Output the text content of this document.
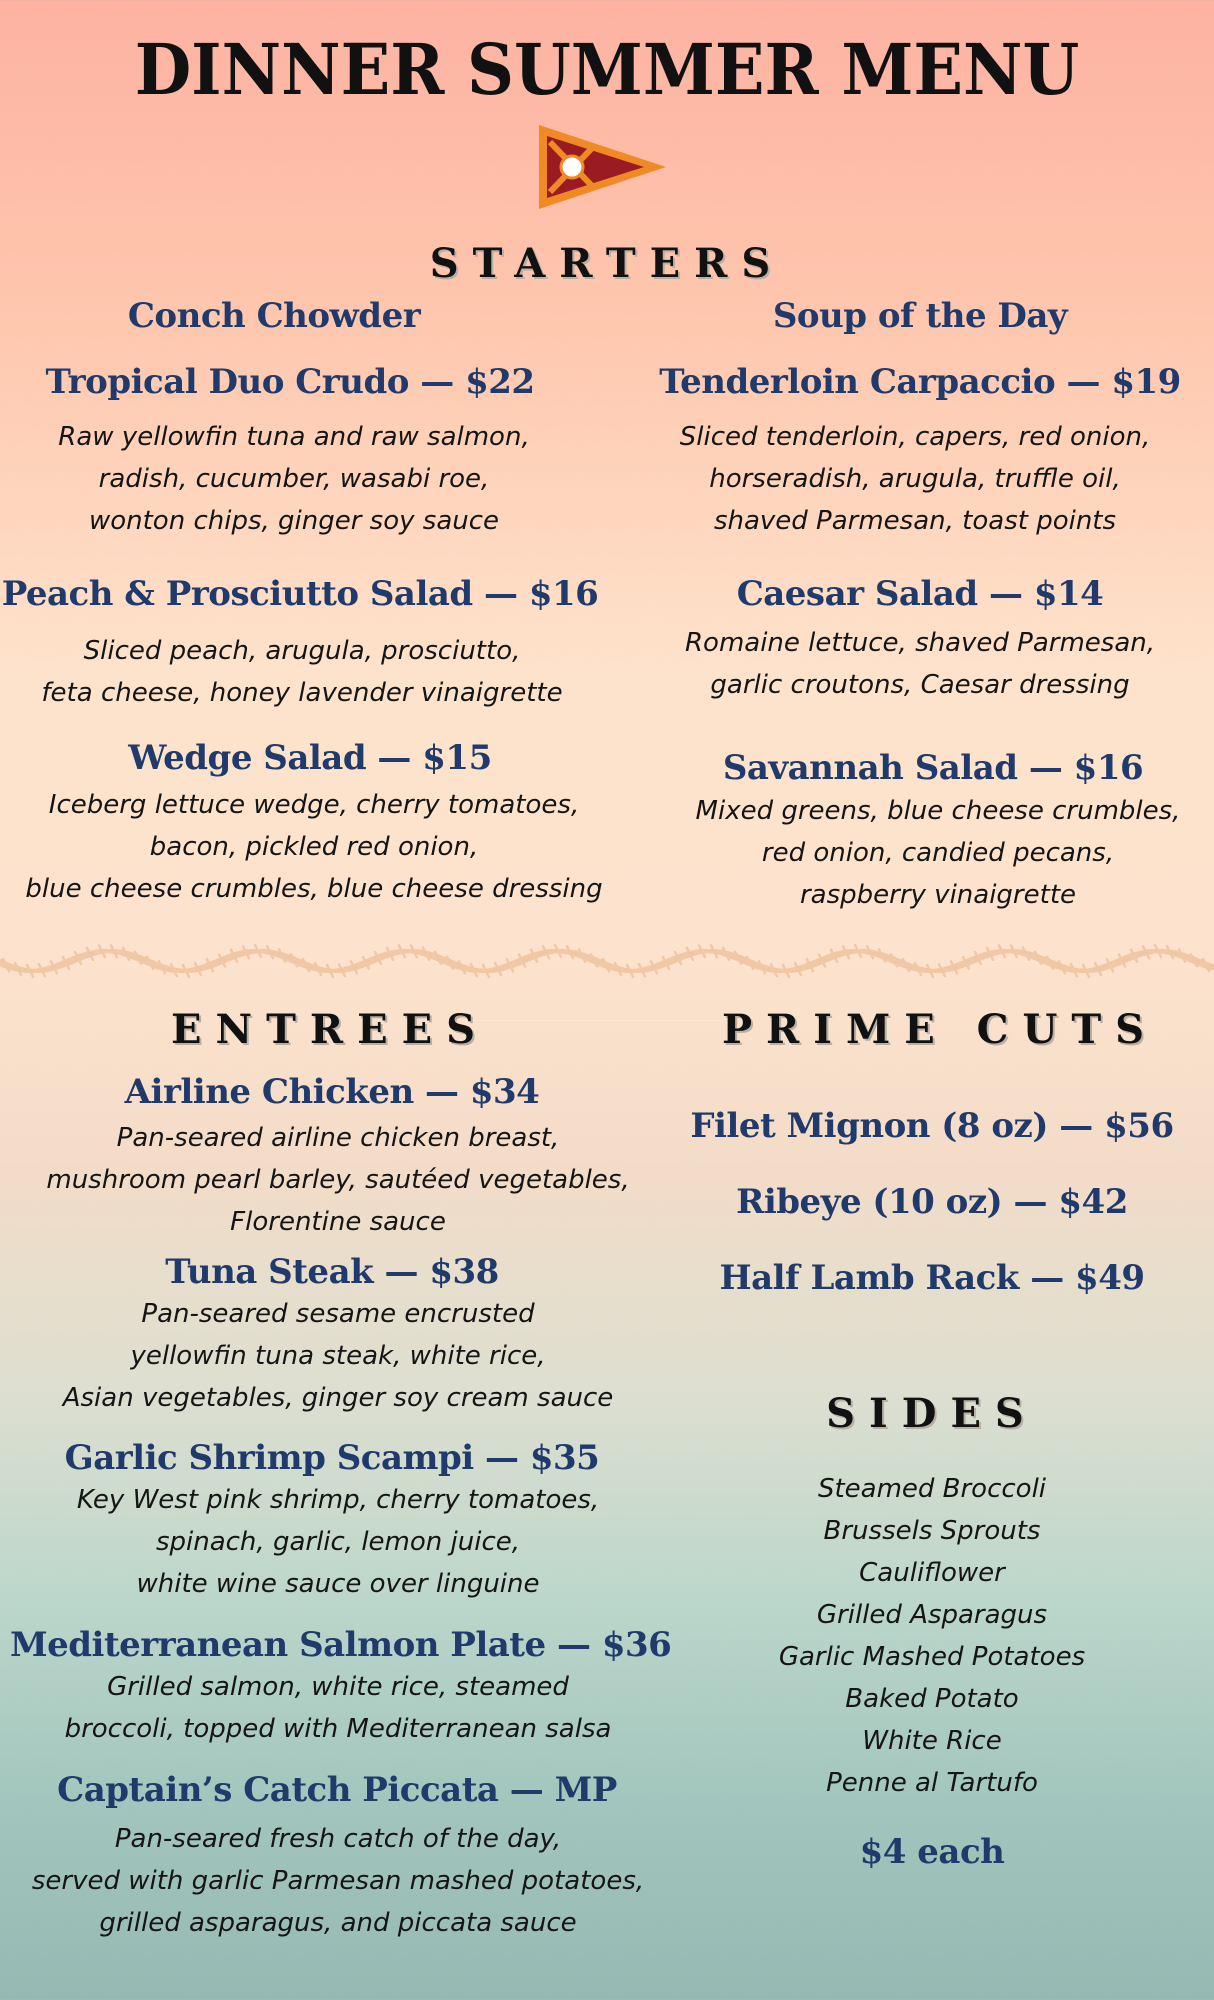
DINNER SUMMER MENU
STARTERS
Conch Chowder	Soup of the Day
Tropical Duo Crudo — $22
Raw yellowfin tuna and raw salmon,
radish, cucumber, wasabi roe,
wonton chips, ginger soy sauce
Tenderloin Carpaccio — $19
Sliced tenderloin, capers, red onion,
horseradish, arugula, truffle oil,
shaved Parmesan, toast points
Peach & Prosciutto Salad — $16
Sliced peach, arugula, prosciutto,
feta cheese, honey lavender vinaigrette
Caesar Salad — $14
Romaine lettuce, shaved Parmesan,
garlic croutons, Caesar dressing
Wedge Salad — $15
Iceberg lettuce wedge, cherry tomatoes,
bacon, pickled red onion,
blue cheese crumbles, blue cheese dressing
Savannah Salad — $16
Mixed greens, blue cheese crumbles,
red onion, candied pecans,
raspberry vinaigrette
ENTREES
Airline Chicken — $34
Pan-seared airline chicken breast,
mushroom pearl barley, sautéed vegetables,
Florentine sauce
Tuna Steak — $38
Pan-seared sesame encrusted
yellowfin tuna steak, white rice,
Asian vegetables, ginger soy cream sauce
Garlic Shrimp Scampi — $35
Key West pink shrimp, cherry tomatoes,
spinach, garlic, lemon juice,
white wine sauce over linguine
Mediterranean Salmon Plate — $36
Grilled salmon, white rice, steamed
broccoli, topped with Mediterranean salsa
Captain’s Catch Piccata — MP
Pan-seared fresh catch of the day,
served with garlic Parmesan mashed potatoes,
grilled asparagus, and piccata sauce
PRIME CUTS
Filet Mignon (8 oz) — $56
Ribeye (10 oz) — $42
Half Lamb Rack — $49
SIDES
Steamed Broccoli
Brussels Sprouts
Cauliflower
Grilled Asparagus
Garlic Mashed Potatoes
Baked Potato
White Rice
Penne al Tartufo
$4 each
